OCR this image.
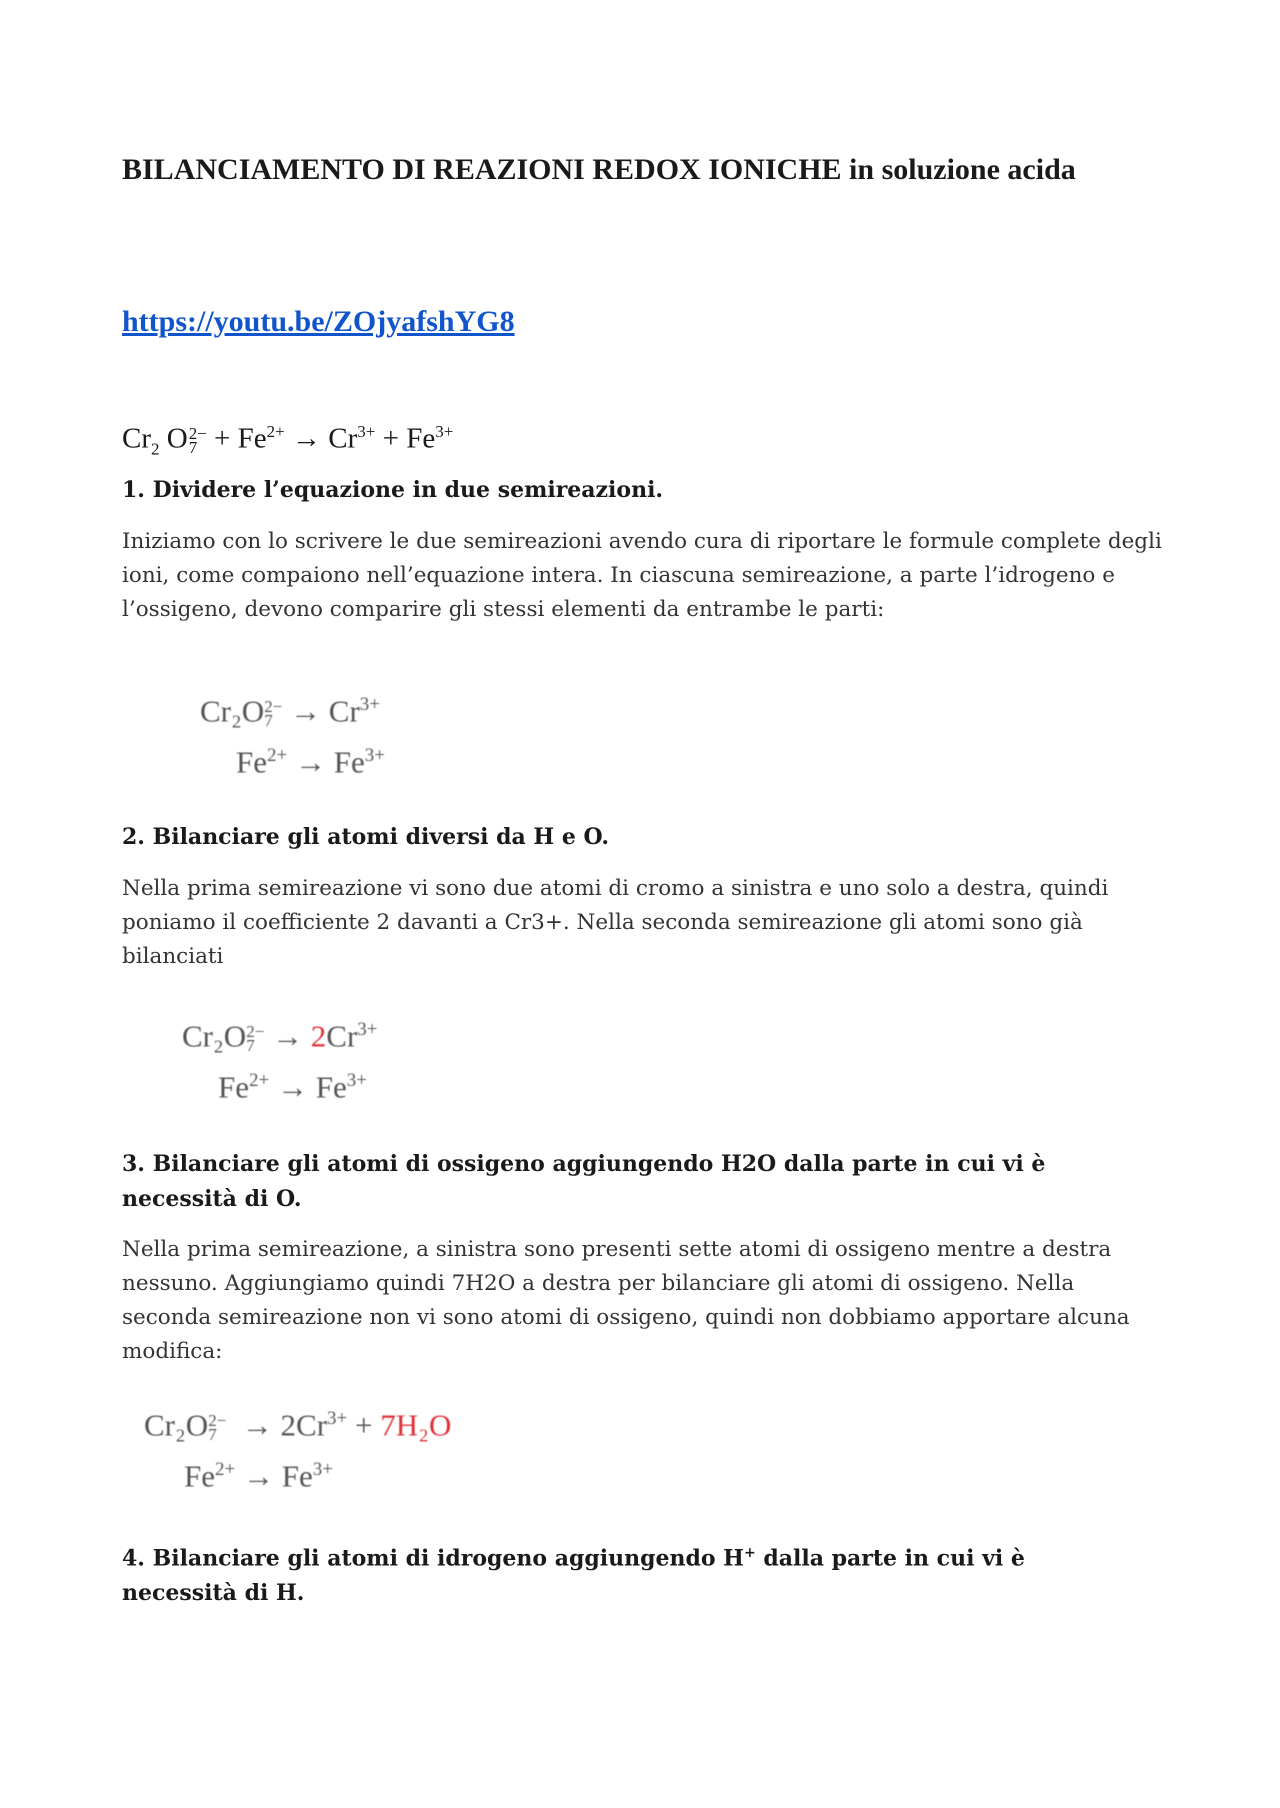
BILANCIAMENTO DI REAZIONI REDOX IONICHE in soluzione acida
https://youtu.be/ZOjyafshYG8
$Cr_2$ O 2−
$7 + Fe^{2+} \to Cr^{3+} + Fe^{3+}$
1. Dividere l’equazione in due semireazioni.

Iniziamo con lo scrivere le due semireazioni avendo cura di riportare le formule complete degli ioni, come compaiono nell’equazione intera. In ciascuna semireazione, a parte l’idrogeno e l’ossigeno, devono comparire gli stessi elementi da entrambe le parti:

Cr₂O 2−
$7 \to Cr^{3+}$
$Fe^{2+} \to Fe^{3+}$
2. Bilanciare gli atomi diversi da H e O.

Nella prima semireazione vi sono due atomi di cromo a sinistra e uno solo a destra, quindi poniamo il coefficiente 2 davanti a Cr3+. Nella seconda semireazione gli atomi sono già bilanciati

Cr₂O 2−
$7 \to 2Cr^{3+}$
$Fe^{2+} \to Fe^{3+}$
3. Bilanciare gli atomi di ossigeno aggiungendo H2O dalla parte in cui vi è necessità di O.

Nella prima semireazione, a sinistra sono presenti sette atomi di ossigeno mentre a destra nessuno. Aggiungiamo quindi 7H2O a destra per bilanciare gli atomi di ossigeno. Nella seconda semireazione non vi sono atomi di ossigeno, quindi non dobbiamo apportare alcuna modifica:

Cr₂O 2−
$7 \to 2Cr^{3+} + 7H_2O$
$Fe^{2+} \to Fe^{3+}$
4. Bilanciare gli atomi di idrogeno aggiungendo H+ dalla parte in cui vi è necessità di H.
